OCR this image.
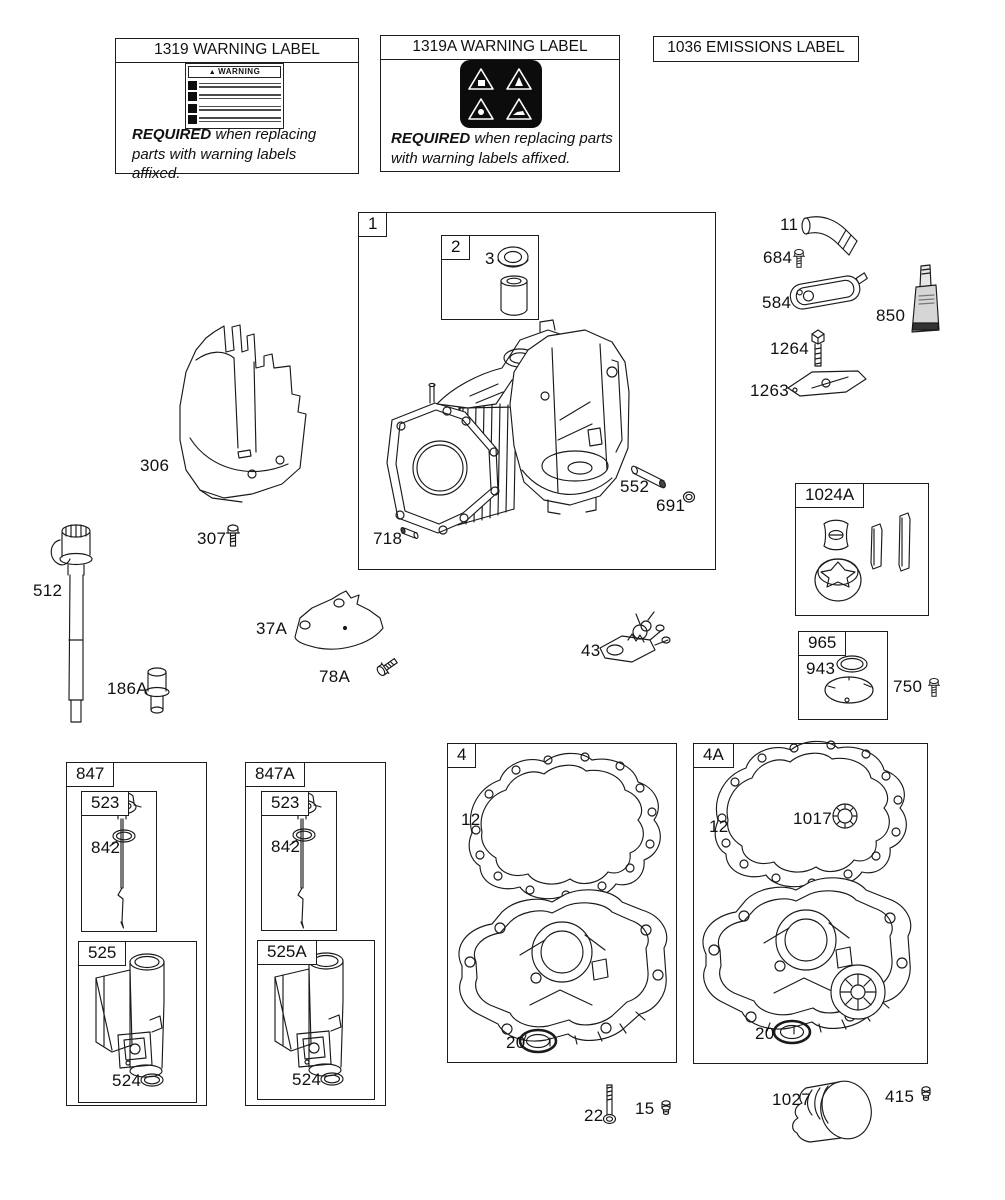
1319 WARNING LABEL
▲ WARNING
REQUIRED when replacing parts with warning labels affixed.
1319A WARNING LABEL
REQUIRED when replacing parts with warning labels affixed.
1036 EMISSIONS LABEL
1
2
1024A
965
847
523
525
847A
523
525A
4	4A
3
552
691
718
11
684
584
850
1264
1263
306
307
512
186A
37A
78A
43
943
750
842
524
842
524
12
20
12	1017
20
22 15	1027	415
